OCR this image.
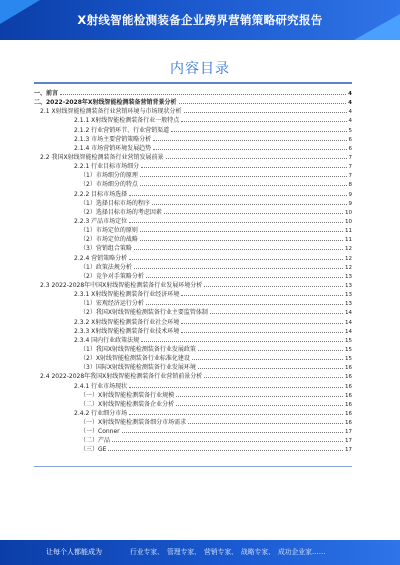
X射线智能检测装备企业跨界营销策略研究报告
内容目录
一、前言	4
二、2022-2028年X射线智能检测装备营销背景分析	4
2.1 X射线智能检测装备行业营销环境与市场现状分析	4
2.1.1 X射线智能检测装备行业一般特点	4
2.1.2 行业营销环节、行业营销渠道	5
2.1.3 市场主要营销策略分析	6
2.1.4 市场营销环境发展趋势	6
2.2 我国X射线智能检测装备行业营销发展前景	7
2.2.1 行业目标市场细分	7
（1）市场细分的原理	7
（2）市场细分的特点	8
2.2.2 目标市场选择	9
（1）选择目标市场的程序	9
（2）选择目标市场的考虑因素	10
2.2.3 产品市场定位	10
（1）市场定位的原则	11
（2）市场定位的战略	11
（3）营销组合策略	12
2.2.4 营销策略分析	12
（1）政策法规分析	12
（2）竞争对手策略分析	13
2.3 2022-2028年中国X射线智能检测装备行业发展环境分析	13
2.3.1 X射线智能检测装备行业经济环境	13
（1）宏观经济运行分析	13
（2）我国X射线智能检测装备行业主要监管体制	14
2.3.2 X射线智能检测装备行业社会环境	14
2.3.3 X射线智能检测装备行业技术环境	14
2.3.4 国内行业政策法规	15
（1）我国X射线智能检测装备行业发展政策	15
（2）X射线智能检测装备行业标准化建设	15
（3）国际X射线智能检测装备行业发展环境	16
2.4 2022-2028年我国X射线智能检测装备行业营销前景分析	16
2.4.1 行业市场现状	16
（一）X射线智能检测装备行业规模	16
（二）X射线智能检测装备企业分析	16
2.4.2 行业细分市场	16
（一）X射线智能检测装备细分市场需求	16
（一）Conner	17
（二）产品	17
（三）GE	17
让每个人都能成为	行业专家、 管理专家、 营销专家、 战略专家、 成功企业家……
